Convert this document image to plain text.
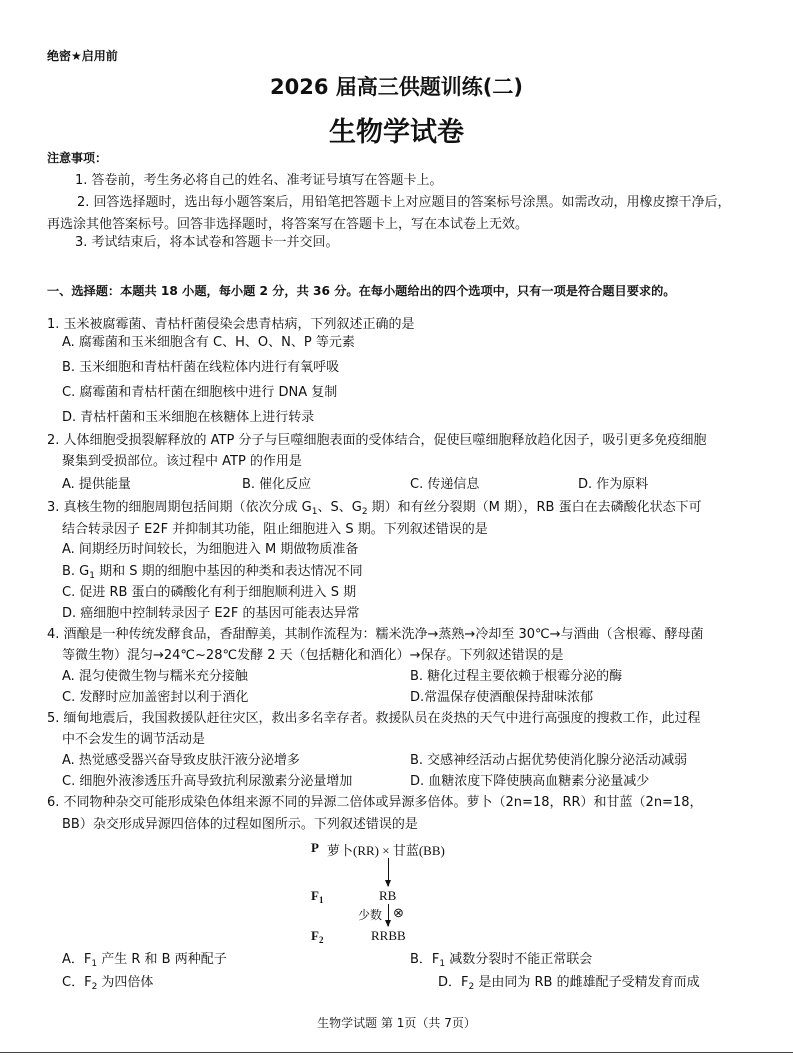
绝密★启用前
2026 届高三供题训练(二)
生物学试卷
注意事项：
1. 答卷前，考生务必将自己的姓名、准考证号填写在答题卡上。
2. 回答选择题时，选出每小题答案后，用铅笔把答题卡上对应题目的答案标号涂黑。如需改动，用橡皮擦干净后，
再选涂其他答案标号。回答非选择题时，将答案写在答题卡上，写在本试卷上无效。
3. 考试结束后，将本试卷和答题卡一并交回。
一、选择题：本题共 18 小题，每小题 2 分，共 36 分。在每小题给出的四个选项中，只有一项是符合题目要求的。
1. 玉米被腐霉菌、青枯杆菌侵染会患青枯病，下列叙述正确的是
A. 腐霉菌和玉米细胞含有 C、H、O、N、P 等元素
B. 玉米细胞和青枯杆菌在线粒体内进行有氧呼吸
C. 腐霉菌和青枯杆菌在细胞核中进行 DNA 复制
D. 青枯杆菌和玉米细胞在核糖体上进行转录
2. 人体细胞受损裂解释放的 ATP 分子与巨噬细胞表面的受体结合，促使巨噬细胞释放趋化因子，吸引更多免疫细胞
聚集到受损部位。该过程中 ATP 的作用是
A. 提供能量	B. 催化反应	C. 传递信息	D. 作为原料
3. 真核生物的细胞周期包括间期（依次分成 $G_1$、S、$G_2$ 期）和有丝分裂期（M 期），RB 蛋白在去磷酸化状态下可
结合转录因子 E2F 并抑制其功能，阻止细胞进入 S 期。下列叙述错误的是
A. 间期经历时间较长，为细胞进入 M 期做物质准备
B. $G_1$ 期和 S 期的细胞中基因的种类和表达情况不同
C. 促进 RB 蛋白的磷酸化有利于细胞顺利进入 S 期
D. 癌细胞中控制转录因子 E2F 的基因可能表达异常
4. 酒酿是一种传统发酵食品，香甜醇美，其制作流程为：糯米洗净→蒸熟→冷却至 30℃→与酒曲（含根霉、酵母菌
等微生物）混匀→24℃~28℃发酵 2 天（包括糖化和酒化）→保存。下列叙述错误的是
A. 混匀使微生物与糯米充分接触	B. 糖化过程主要依赖于根霉分泌的酶
C. 发酵时应加盖密封以利于酒化	D.常温保存使酒酿保持甜味浓郁
5. 缅甸地震后，我国救援队赶往灾区，救出多名幸存者。救援队员在炎热的天气中进行高强度的搜救工作，此过程
中不会发生的调节活动是
A. 热觉感受器兴奋导致皮肤汗液分泌增多	B. 交感神经活动占据优势使消化腺分泌活动减弱
C. 细胞外液渗透压升高导致抗利尿激素分泌量增加	D. 血糖浓度下降使胰高血糖素分泌量减少
6. 不同物种杂交可能形成染色体组来源不同的异源二倍体或异源多倍体。萝卜（2n=18，RR）和甘蓝（2n=18，
BB）杂交形成异源四倍体的过程如图所示。下列叙述错误的是
A．$F_1$ 产生 R 和 B 两种配子	B．$F_1$ 减数分裂时不能正常联会
C．$F_2$ 为四倍体	D．$F_2$ 是由同为 RB 的雌雄配子受精发育而成
P 萝卜(RR) × 甘蓝(BB)
$F_1$	RB
少数 ⊗
$F_2$	RRBB
生物学试题 第 1页（共 7页）
